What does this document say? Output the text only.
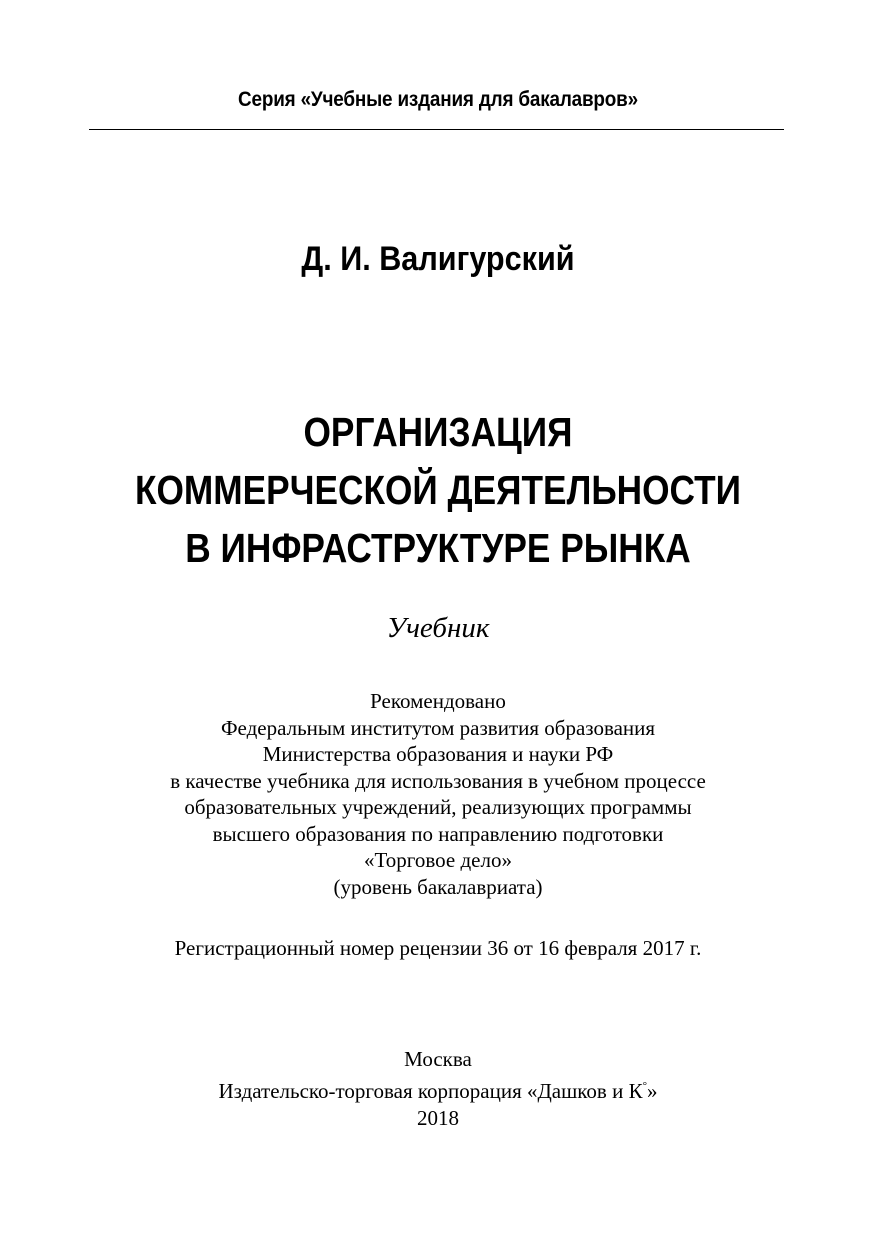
Серия «Учебные издания для бакалавров»
Д. И. Валигурский
ОРГАНИЗАЦИЯ
КОММЕРЧЕСКОЙ ДЕЯТЕЛЬНОСТИ
В ИНФРАСТРУКТУРЕ РЫНКА
Учебник
Рекомендовано
Федеральным институтом развития образования
Министерства образования и науки РФ
в качестве учебника для использования в учебном процессе
образовательных учреждений, реализующих программы
высшего образования по направлению подготовки
«Торговое дело»
(уровень бакалавриата)
Регистрационный номер рецензии 36 от 16 февраля 2017 г.
Москва
Издательско-торговая корпорация «Дашков и К°»
2018
